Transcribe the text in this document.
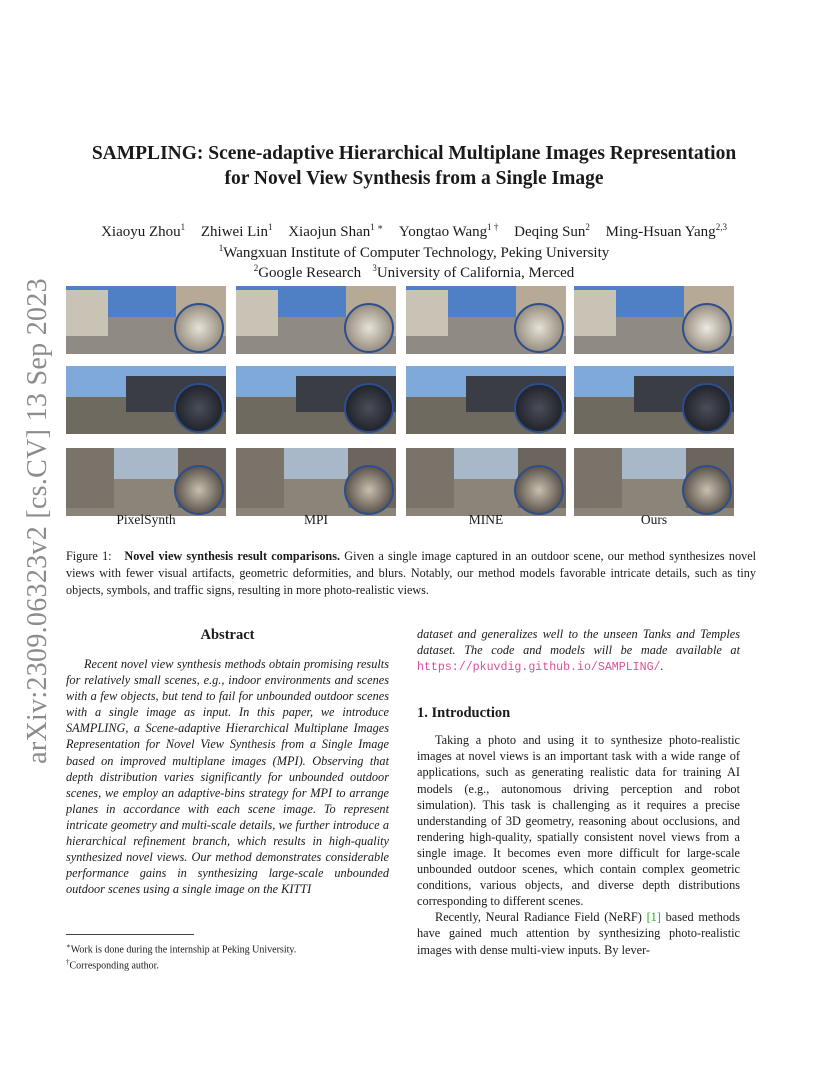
arXiv:2309.06323v2 [cs.CV] 13 Sep 2023
SAMPLING: Scene-adaptive Hierarchical Multiplane Images Representation
for Novel View Synthesis from a Single Image
Xiaoyu Zhou$^1$ Zhiwei Lin$^1$ Xiaojun Shan$^{1 ∗}$ Yongtao Wang$^{1 \dagger}$ Deqing Sun$^2$ Ming-Hsuan Yang$^{2,3}$
$^1$Wangxuan Institute of Computer Technology, Peking University
$^2$Google Research $^3$University of California, Merced
PixelSynth	MPI	MINE	Ours
Figure 1: Novel view synthesis result comparisons. Given a single image captured in an outdoor scene, our method synthesizes novel views with fewer visual artifacts, geometric deformities, and blurs. Notably, our method models favorable intricate details, such as tiny objects, symbols, and traffic signs, resulting in more photo-realistic views.
Abstract

Recent novel view synthesis methods obtain promising results for relatively small scenes, e.g., indoor environments and scenes with a few objects, but tend to fail for unbounded outdoor scenes with a single image as input. In this paper, we introduce SAMPLING, a Scene-adaptive Hierarchical Multiplane Images Representation for Novel View Synthesis from a Single Image based on improved multiplane images (MPI). Observing that depth distribution varies significantly for unbounded outdoor scenes, we employ an adaptive-bins strategy for MPI to arrange planes in accordance with each scene image. To represent intricate geometry and multi-scale details, we further introduce a hierarchical refinement branch, which results in high-quality synthesized novel views. Our method demonstrates considerable performance gains in synthesizing large-scale unbounded outdoor scenes using a single image on the KITTI

dataset and generalizes well to the unseen Tanks and Temples dataset. The code and models will be made available at https://pkuvdig.github.io/SAMPLING/.

1. Introduction

Taking a photo and using it to synthesize photo-realistic images at novel views is an important task with a wide range of applications, such as generating realistic data for training AI models (e.g., autonomous driving perception and robot simulation). This task is challenging as it requires a precise understanding of 3D geometry, reasoning about occlusions, and rendering high-quality, spatially consistent novel views from a single image. It becomes even more difficult for large-scale unbounded outdoor scenes, which contain complex geometric conditions, various objects, and diverse depth distributions corresponding to different scenes.

Recently, Neural Radiance Field (NeRF) [1] based methods have gained much attention by synthesizing photo-realistic images with dense multi-view inputs. By lever-

∗Work is done during the internship at Peking University.
†Corresponding author.
